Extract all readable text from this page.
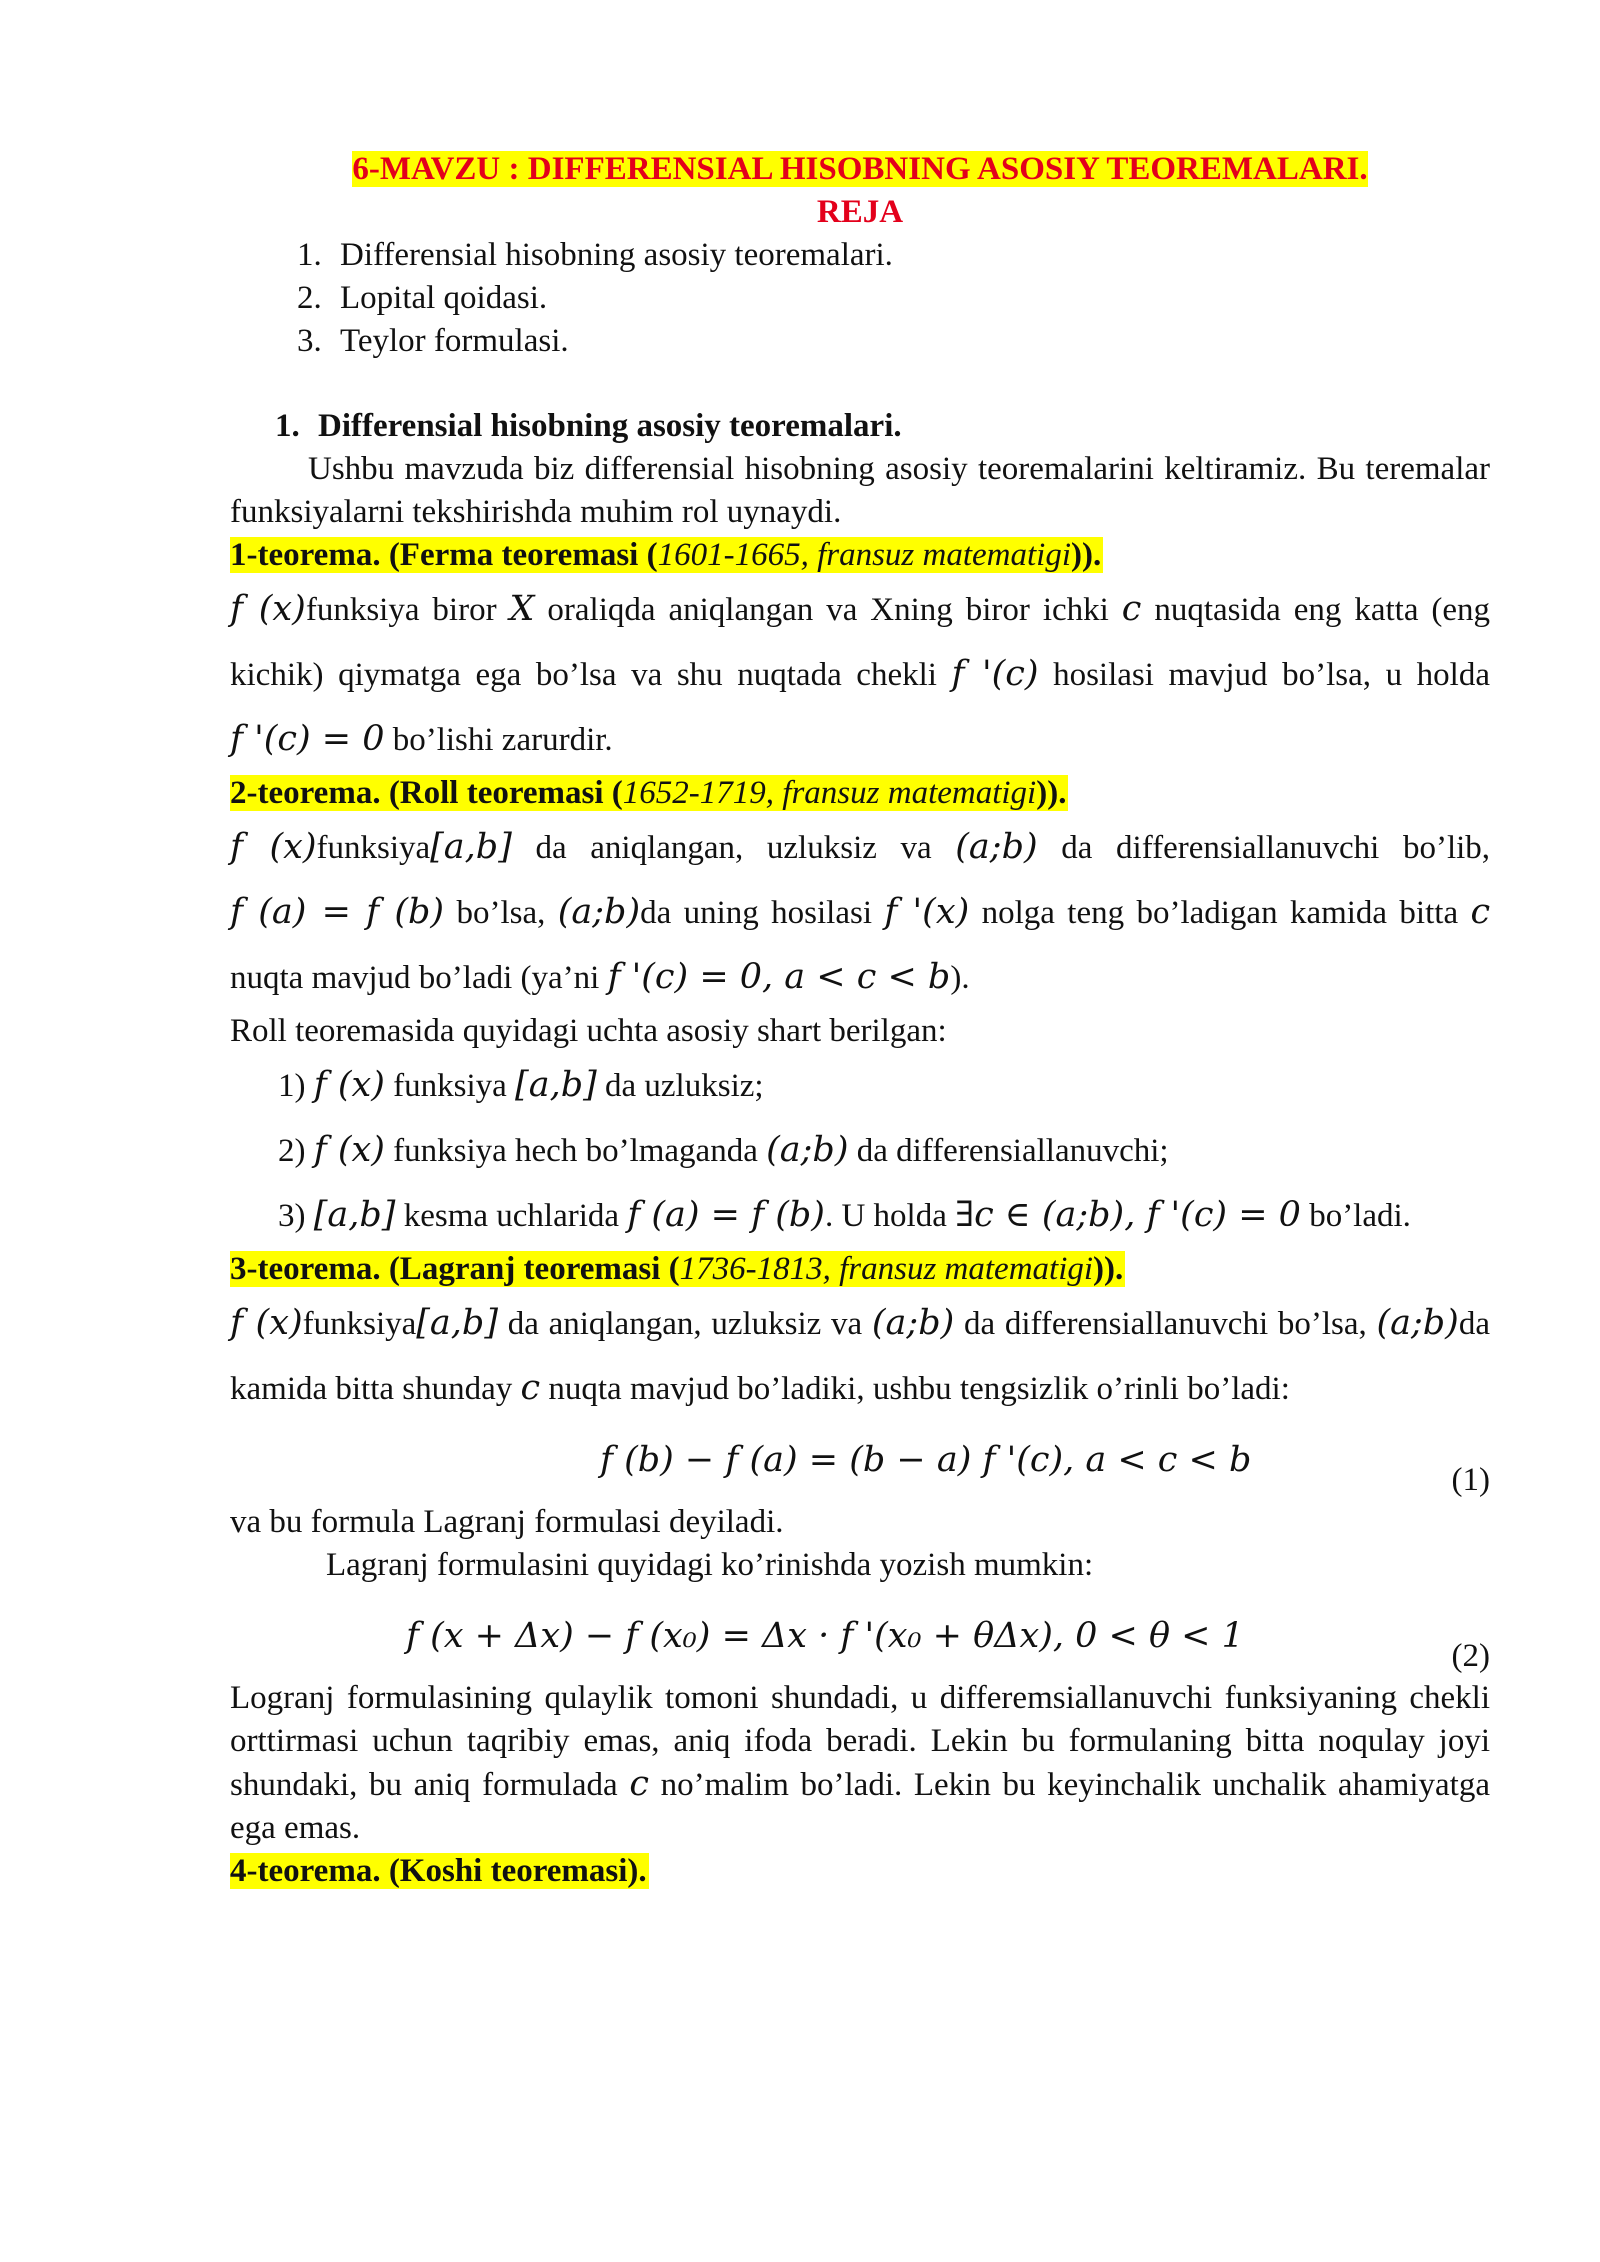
6-MAVZU : DIFFERENSIAL HISOBNING ASOSIY TEOREMALARI.

REJA

1. Differensial hisobning asosiy teoremalari.
2. Lopital qoidasi.
3. Teylor formulasi.
1. Differensial hisobning asosiy teoremalari.

Ushbu mavzuda biz differensial hisobning asosiy teoremalarini keltiramiz. Bu teremalar funksiyalarni tekshirishda muhim rol uynaydi.

1-teorema. (Ferma teoremasi (1601-1665, fransuz matematigi)).

f (x)funksiya biror X oraliqda aniqlangan va Xning biror ichki c nuqtasida eng katta (eng kichik) qiymatga ega bo’lsa va shu nuqtada chekli f '(c) hosilasi mavjud bo’lsa, u holda f '(c) = 0 bo’lishi zarurdir.

2-teorema. (Roll teoremasi (1652-1719, fransuz matematigi)).

f (x)funksiya[a,b] da aniqlangan, uzluksiz va (a;b) da differensiallanuvchi bo’lib, f (a) = f (b) bo’lsa, (a;b)da uning hosilasi f '(x) nolga teng bo’ladigan kamida bitta c nuqta mavjud bo’ladi (ya’ni f '(c) = 0, a < c < b).

Roll teoremasida quyidagi uchta asosiy shart berilgan:

1) f (x) funksiya [a,b] da uzluksiz;
2) f (x) funksiya hech bo’lmaganda (a;b) da differensiallanuvchi;
3) [a,b] kesma uchlarida f (a) = f (b). U holda ∃c ∈ (a;b), f '(c) = 0 bo’ladi.

3-teorema. (Lagranj teoremasi (1736-1813, fransuz matematigi)).

f (x)funksiya[a,b] da aniqlangan, uzluksiz va (a;b) da differensiallanuvchi bo’lsa, (a;b)da kamida bitta shunday c nuqta mavjud bo’ladiki, ushbu tengsizlik o’rinli bo’ladi:

f (b) − f (a) = (b − a) f '(c), a < c < b	(1)

va bu formula Lagranj formulasi deyiladi.

Lagranj formulasini quyidagi ko’rinishda yozish mumkin:

f (x + Δx) − f (x₀) = Δx · f '(x₀ + θΔx), 0 < θ < 1	(2)

Logranj formulasining qulaylik tomoni shundadi, u differemsiallanuvchi funksiyaning chekli orttirmasi uchun taqribiy emas, aniq ifoda beradi. Lekin bu formulaning bitta noqulay joyi shundaki, bu aniq formulada c no’malim bo’ladi. Lekin bu keyinchalik unchalik ahamiyatga ega emas.

4-teorema. (Koshi teoremasi).
